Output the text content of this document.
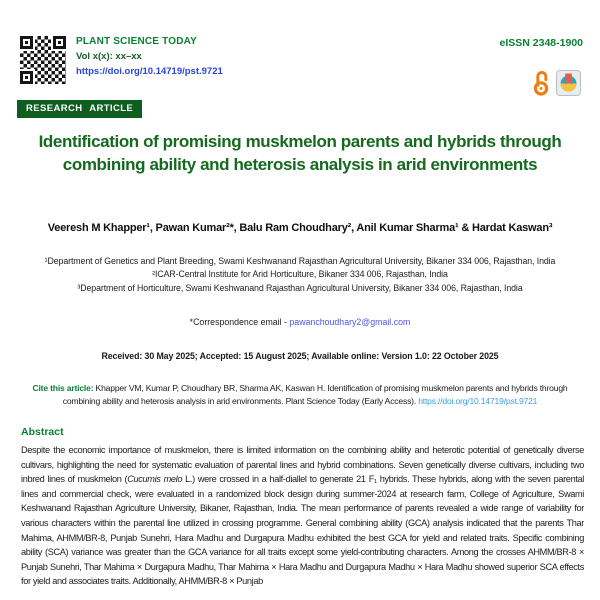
PLANT SCIENCE TODAY
Vol x(x): xx–xx
https://doi.org/10.14719/pst.9721
eISSN 2348-1900
RESEARCH ARTICLE
Identification of promising muskmelon parents and hybrids through combining ability and heterosis analysis in arid environments
Veeresh M Khapper¹, Pawan Kumar²*, Balu Ram Choudhary², Anil Kumar Sharma¹ & Hardat Kaswan³
¹Department of Genetics and Plant Breeding, Swami Keshwanand Rajasthan Agricultural University, Bikaner 334 006, Rajasthan, India
²ICAR-Central Institute for Arid Horticulture, Bikaner 334 006, Rajasthan, India
³Department of Horticulture, Swami Keshwanand Rajasthan Agricultural University, Bikaner 334 006, Rajasthan, India
*Correspondence email - pawanchoudhary2@gmail.com
Received: 30 May 2025; Accepted: 15 August 2025; Available online: Version 1.0: 22 October 2025
Cite this article: Khapper VM, Kumar P, Choudhary BR, Sharma AK, Kaswan H. Identification of promising muskmelon parents and hybrids through combining ability and heterosis analysis in arid environments. Plant Science Today (Early Access). https://doi.org/10.14719/pst.9721
Abstract
Despite the economic importance of muskmelon, there is limited information on the combining ability and heterotic potential of genetically diverse cultivars, highlighting the need for systematic evaluation of parental lines and hybrid combinations. Seven genetically diverse cultivars, including two inbred lines of muskmelon (Cucumis melo L.) were crossed in a half-diallel to generate 21 F₁ hybrids. These hybrids, along with the seven parental lines and commercial check, were evaluated in a randomized block design during summer-2024 at research farm, College of Agriculture, Swami Keshwanand Rajasthan Agriculture University, Bikaner, Rajasthan, India. The mean performance of parents revealed a wide range of variability for various characters within the parental line utilized in crossing programme. General combining ability (GCA) analysis indicated that the parents Thar Mahima, AHMM/BR-8, Punjab Sunehri, Hara Madhu and Durgapura Madhu exhibited the best GCA for yield and related traits. Specific combining ability (SCA) variance was greater than the GCA variance for all traits except some yield-contributing characters. Among the crosses AHMM/BR-8 × Punjab Sunehri, Thar Mahima × Durgapura Madhu, Thar Mahima × Hara Madhu and Durgapura Madhu × Hara Madhu showed superior SCA effects for yield and associates traits. Additionally, AHMM/BR-8 × Punjab
